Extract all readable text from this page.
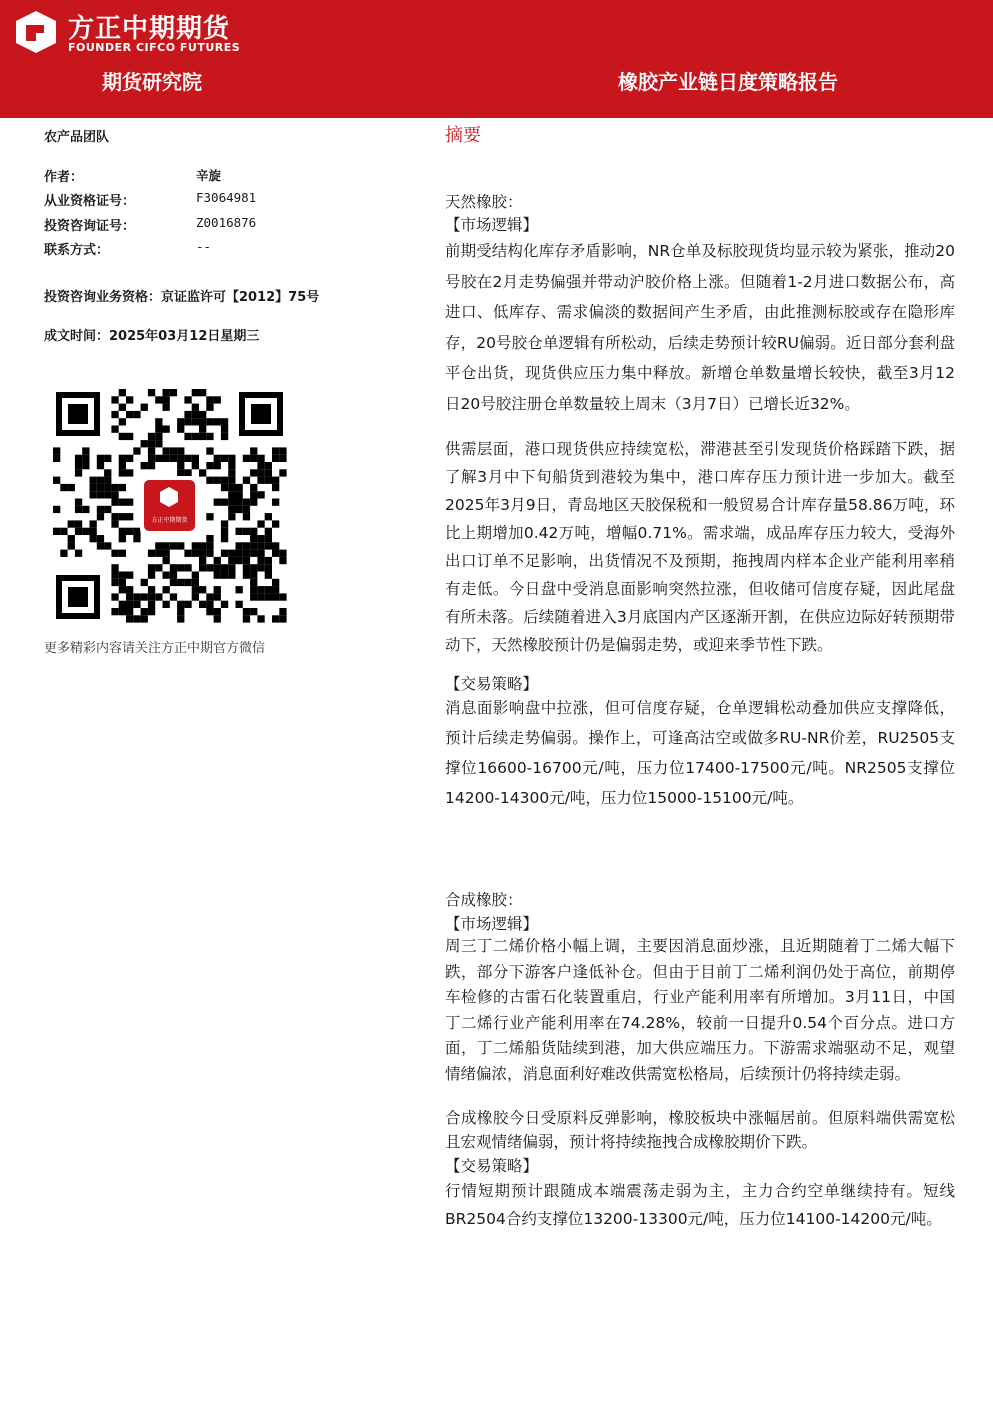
方正中期期货
FOUNDER CIFCO FUTURES
期货研究院	橡胶产业链日度策略报告
农产品团队
作者：	辛旋
从业资格证号：	F3064981
投资咨询证号：	Z0016876
联系方式：	--
投资咨询业务资格：京证监许可【2012】75号
成文时间：2025年03月12日星期三
方正中期期货
更多精彩内容请关注方正中期官方微信
摘要
天然橡胶：
【市场逻辑】
前期受结构化库存矛盾影响，NR仓单及标胶现货均显示较为紧张，推动20号胶在2月走势偏强并带动沪胶价格上涨。但随着1-2月进口数据公布，高进口、低库存、需求偏淡的数据间产生矛盾，由此推测标胶或存在隐形库存，20号胶仓单逻辑有所松动，后续走势预计较RU偏弱。近日部分套利盘平仓出货，现货供应压力集中释放。新增仓单数量增长较快，截至3月12日20号胶注册仓单数量较上周末（3月7日）已增长近32%。
供需层面，港口现货供应持续宽松，滞港甚至引发现货价格踩踏下跌，据了解3月中下旬船货到港较为集中，港口库存压力预计进一步加大。截至2025年3月9日，青岛地区天胶保税和一般贸易合计库存量58.86万吨，环比上期增加0.42万吨，增幅0.71%。需求端，成品库存压力较大，受海外出口订单不足影响，出货情况不及预期，拖拽周内样本企业产能利用率稍有走低。今日盘中受消息面影响突然拉涨，但收储可信度存疑，因此尾盘有所未落。后续随着进入3月底国内产区逐渐开割，在供应边际好转预期带动下，天然橡胶预计仍是偏弱走势，或迎来季节性下跌。
【交易策略】
消息面影响盘中拉涨，但可信度存疑，仓单逻辑松动叠加供应支撑降低，预计后续走势偏弱。操作上，可逢高沽空或做多RU-NR价差，RU2505支撑位16600-16700元/吨，压力位17400-17500元/吨。NR2505支撑位14200-14300元/吨，压力位15000-15100元/吨。
合成橡胶：
【市场逻辑】
周三丁二烯价格小幅上调，主要因消息面炒涨，且近期随着丁二烯大幅下跌，部分下游客户逢低补仓。但由于目前丁二烯利润仍处于高位，前期停车检修的古雷石化装置重启，行业产能利用率有所增加。3月11日，中国丁二烯行业产能利用率在74.28%，较前一日提升0.54个百分点。进口方面，丁二烯船货陆续到港，加大供应端压力。下游需求端驱动不足，观望情绪偏浓，消息面利好难改供需宽松格局，后续预计仍将持续走弱。
合成橡胶今日受原料反弹影响，橡胶板块中涨幅居前。但原料端供需宽松且宏观情绪偏弱，预计将持续拖拽合成橡胶期价下跌。
【交易策略】
行情短期预计跟随成本端震荡走弱为主，主力合约空单继续持有。短线BR2504合约支撑位13200-13300元/吨，压力位14100-14200元/吨。
